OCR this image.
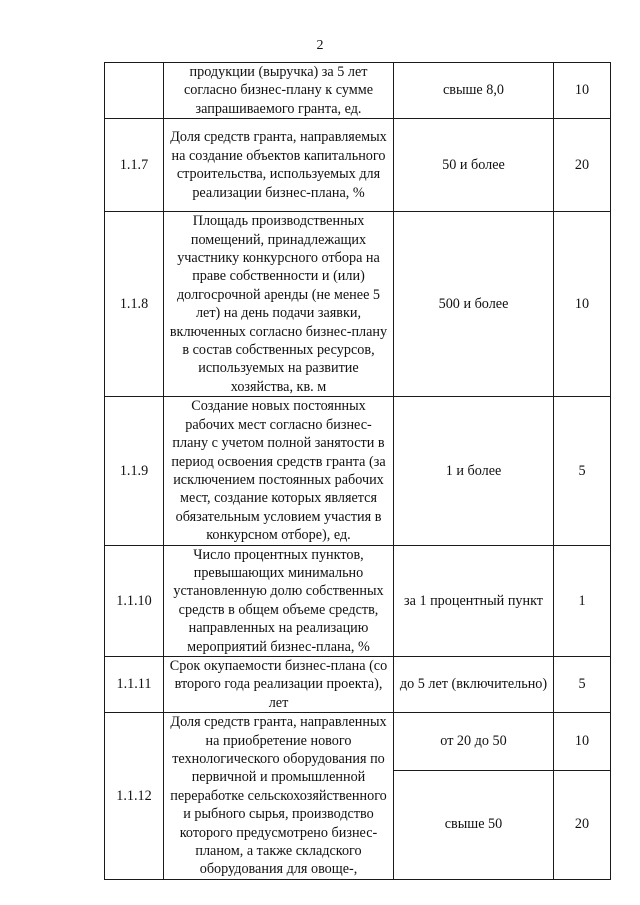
2
	продукции (выручка) за 5 лет согласно бизнес-плану к сумме запрашиваемого гранта, ед.	свыше 8,0	10
1.1.7	Доля средств гранта, направляемых на создание объектов капитального строительства, используемых для реализации бизнес-плана, %	50 и более	20
1.1.8	Площадь производственных помещений, принадлежащих участнику конкурсного отбора на праве собственности и (или) долгосрочной аренды (не менее 5 лет) на день подачи заявки, включенных согласно бизнес-плану в состав собственных ресурсов, используемых на развитие хозяйства, кв. м	500 и более	10
1.1.9	Создание новых постоянных рабочих мест согласно бизнес-плану с учетом полной занятости в период освоения средств гранта (за исключением постоянных рабочих мест, создание которых является обязательным условием участия в конкурсном отборе), ед.	1 и более	5
1.1.10	Число процентных пунктов, превышающих минимально установленную долю собственных средств в общем объеме средств, направленных на реализацию мероприятий бизнес-плана, %	за 1 процентный пункт	1
1.1.11	Срок окупаемости бизнес-плана (со второго года реализации проекта), лет	до 5 лет (включительно)	5
1.1.12	Доля средств гранта, направленных на приобретение нового технологического оборудования по первичной и промышленной переработке сельскохозяйственного и рыбного сырья, производство которого предусмотрено бизнес-планом, а также складского оборудования для овоще-,	от 20 до 50	10
		свыше 50	20
